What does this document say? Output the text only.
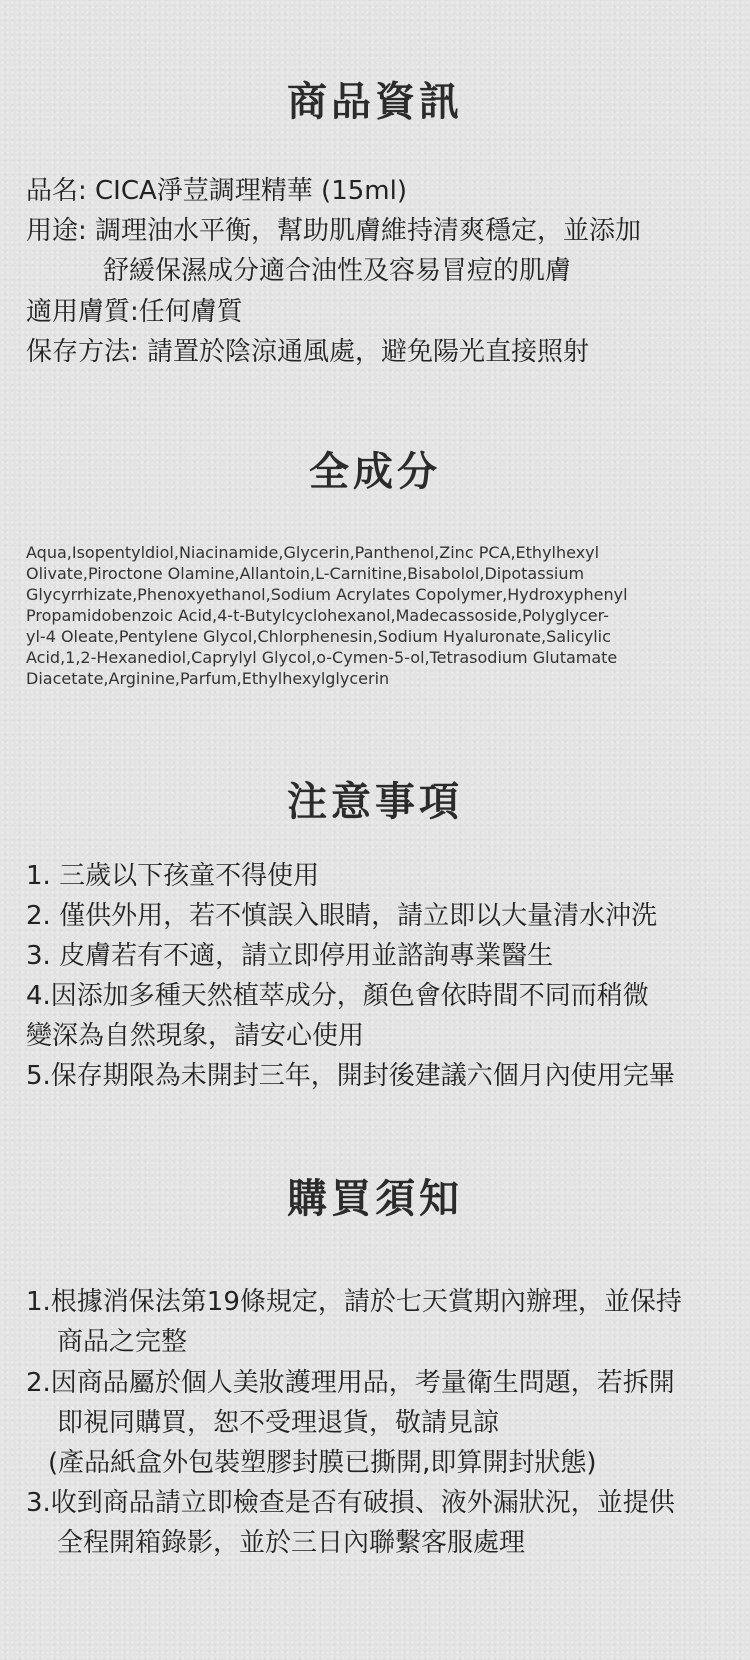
商品資訊
品名: CICA淨荳調理精華 (15ml)
用途: 調理油水平衡，幫助肌膚維持清爽穩定，並添加
舒緩保濕成分適合油性及容易冒痘的肌膚
適用膚質:任何膚質
保存方法: 請置於陰涼通風處，避免陽光直接照射
全成分
Aqua,Isopentyldiol,Niacinamide,Glycerin,Panthenol,Zinc PCA,Ethylhexyl
Olivate,Piroctone Olamine,Allantoin,L-Carnitine,Bisabolol,Dipotassium
Glycyrrhizate,Phenoxyethanol,Sodium Acrylates Copolymer,Hydroxyphenyl
Propamidobenzoic Acid,4-t-Butylcyclohexanol,Madecassoside,Polyglycer-
yl-4 Oleate,Pentylene Glycol,Chlorphenesin,Sodium Hyaluronate,Salicylic
Acid,1,2-Hexanediol,Caprylyl Glycol,o-Cymen-5-ol,Tetrasodium Glutamate
Diacetate,Arginine,Parfum,Ethylhexylglycerin
注意事項
1. 三歲以下孩童不得使用
2. 僅供外用，若不慎誤入眼睛，請立即以大量清水沖洗
3. 皮膚若有不適，請立即停用並諮詢專業醫生
4.因添加多種天然植萃成分，顏色會依時間不同而稍微
變深為自然現象，請安心使用
5.保存期限為未開封三年，開封後建議六個月內使用完畢
購買須知
1.根據消保法第19條規定，請於七天賞期內辦理，並保持
商品之完整
2.因商品屬於個人美妝護理用品，考量衛生問題，若拆開
即視同購買，恕不受理退貨，敬請見諒
(產品紙盒外包裝塑膠封膜已撕開,即算開封狀態)
3.收到商品請立即檢查是否有破損、液外漏狀況，並提供
全程開箱錄影，並於三日內聯繫客服處理
